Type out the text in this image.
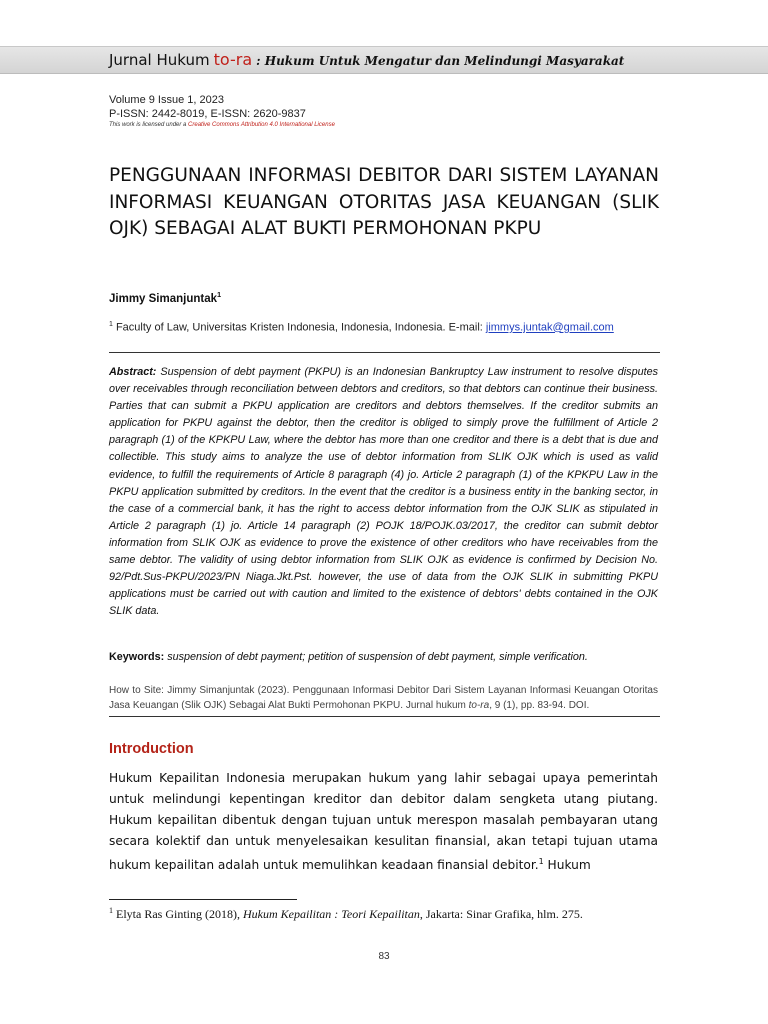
Jurnal Hukum to-ra : Hukum Untuk Mengatur dan Melindungi Masyarakat
Volume 9 Issue 1, 2023
P-ISSN: 2442-8019, E-ISSN: 2620-9837
This work is licensed under a Creative Commons Attribution 4.0 International License
PENGGUNAAN INFORMASI DEBITOR DARI SISTEM LAYANAN INFORMASI KEUANGAN OTORITAS JASA KEUANGAN (SLIK OJK) SEBAGAI ALAT BUKTI PERMOHONAN PKPU
Jimmy Simanjuntak$^1$
$^1$ Faculty of Law, Universitas Kristen Indonesia, Indonesia, Indonesia. E-mail: jimmys.juntak@gmail.com
Abstract: Suspension of debt payment (PKPU) is an Indonesian Bankruptcy Law instrument to resolve disputes over receivables through reconciliation between debtors and creditors, so that debtors can continue their business. Parties that can submit a PKPU application are creditors and debtors themselves. If the creditor submits an application for PKPU against the debtor, then the creditor is obliged to simply prove the fulfillment of Article 2 paragraph (1) of the KPKPU Law, where the debtor has more than one creditor and there is a debt that is due and collectible. This study aims to analyze the use of debtor information from SLIK OJK which is used as valid evidence, to fulfill the requirements of Article 8 paragraph (4) jo. Article 2 paragraph (1) of the KPKPU Law in the PKPU application submitted by creditors. In the event that the creditor is a business entity in the banking sector, in the case of a commercial bank, it has the right to access debtor information from the OJK SLIK as stipulated in Article 2 paragraph (1) jo. Article 14 paragraph (2) POJK 18/POJK.03/2017, the creditor can submit debtor information from SLIK OJK as evidence to prove the existence of other creditors who have receivables from the same debtor. The validity of using debtor information from SLIK OJK as evidence is confirmed by Decision No. 92/Pdt.Sus-PKPU/2023/PN Niaga.Jkt.Pst. however, the use of data from the OJK SLIK in submitting PKPU applications must be carried out with caution and limited to the existence of debtors' debts contained in the OJK SLIK data.
Keywords: suspension of debt payment; petition of suspension of debt payment, simple verification.
How to Site: Jimmy Simanjuntak (2023). Penggunaan Informasi Debitor Dari Sistem Layanan Informasi Keuangan Otoritas Jasa Keuangan (Slik OJK) Sebagai Alat Bukti Permohonan PKPU. Jurnal hukum to-ra, 9 (1), pp. 83-94. DOI.
Introduction
Hukum Kepailitan Indonesia merupakan hukum yang lahir sebagai upaya pemerintah untuk melindungi kepentingan kreditor dan debitor dalam sengketa utang piutang. Hukum kepailitan dibentuk dengan tujuan untuk merespon masalah pembayaran utang secara kolektif dan untuk menyelesaikan kesulitan finansial, akan tetapi tujuan utama hukum kepailitan adalah untuk memulihkan keadaan finansial debitor.$^1$ Hukum
$^1$ Elyta Ras Ginting (2018), Hukum Kepailitan : Teori Kepailitan, Jakarta: Sinar Grafika, hlm. 275.
83
